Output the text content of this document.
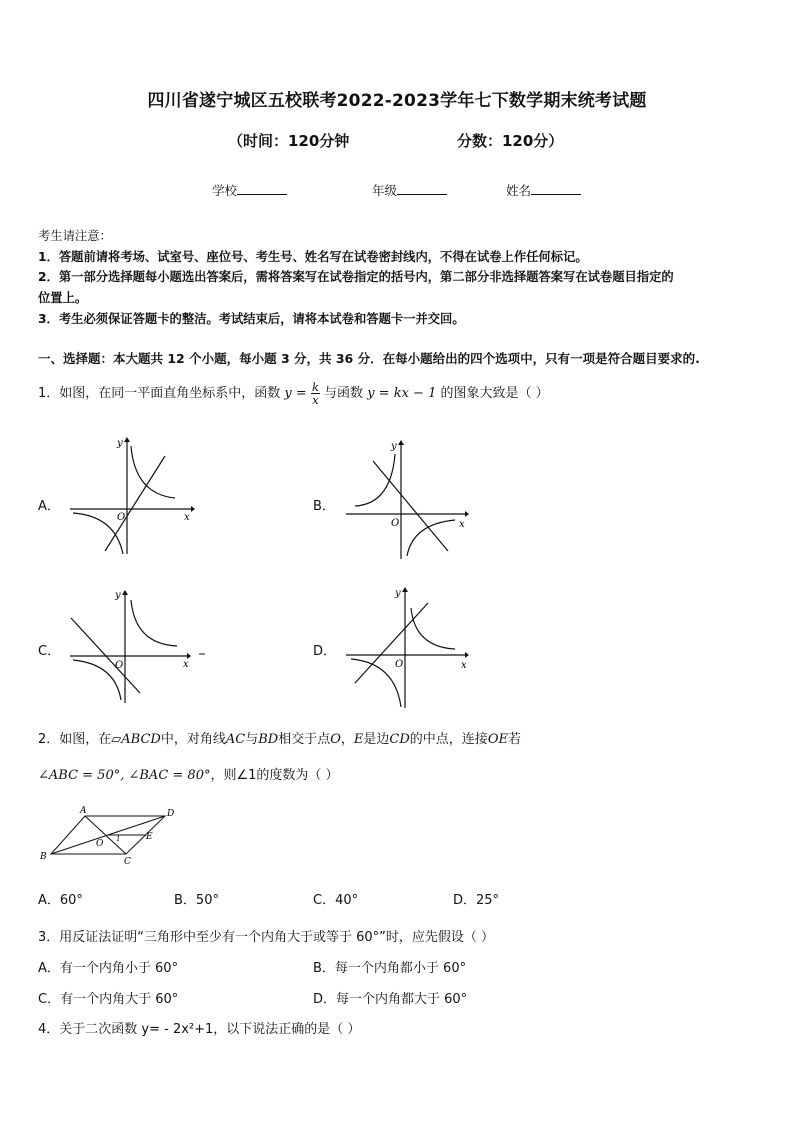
四川省遂宁城区五校联考2022-2023学年七下数学期末统考试题
（时间：120分钟	分数：120分）
学校	年级	姓名
考生请注意：
1．答题前请将考场、试室号、座位号、考生号、姓名写在试卷密封线内，不得在试卷上作任何标记。
2．第一部分选择题每小题选出答案后，需将答案写在试卷指定的括号内，第二部分非选择题答案写在试卷题目指定的
位置上。
3．考生必须保证答题卡的整洁。考试结束后，请将本试卷和答题卡一并交回。
一、选择题：本大题共 12 个小题，每小题 3 分，共 36 分．在每小题给出的四个选项中，只有一项是符合题目要求的.
1．如图，在同一平面直角坐标系中，函数 $y = \frac{k}{x}$ 与函数 y = kx − 1 的图象大致是（ ）
A．	B．
C．	D．
y
x
O
y
x
O
y
x
O
y
x
O
2．如图，在▱ABCD中，对角线AC与BD相交于点O，E是边CD的中点，连接OE若
∠ABC = 50°, ∠BAC = 80°，则∠1的度数为（ ）
A	D
B	C
O
E
1
A．60°	B．50°	C．40°	D．25°
3．用反证法证明“三角形中至少有一个内角大于或等于 60°”时，应先假设（ ）
A．有一个内角小于 60°	B．每一个内角都小于 60°
C．有一个内角大于 60°	D．每一个内角都大于 60°
4．关于二次函数 y= - 2x²+1，以下说法正确的是（ ）
